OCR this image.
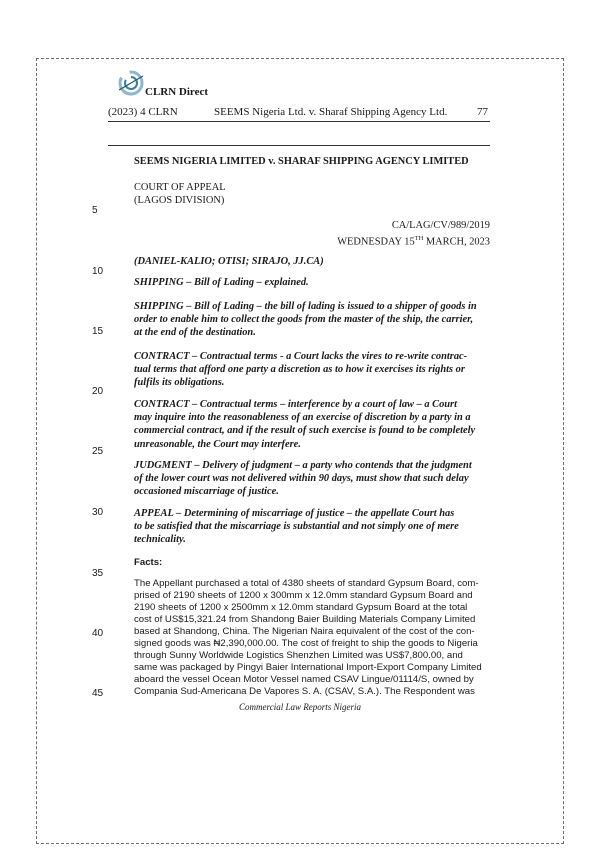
CLRN Direct
(2023) 4 CLRN	SEEMS Nigeria Ltd. v. Sharaf Shipping Agency Ltd.	77
SEEMS NIGERIA LIMITED v. SHARAF SHIPPING AGENCY LIMITED
COURT OF APPEAL
(LAGOS DIVISION)
CA/LAG/CV/989/2019
WEDNESDAY 15TH MARCH, 2023
(DANIEL-KALIO; OTISI; SIRAJO, JJ.CA)
5
10
15
20
25
30
35
40
45
SHIPPING – Bill of Lading – explained.
SHIPPING – Bill of Lading – the bill of lading is issued to a shipper of goods in
order to enable him to collect the goods from the master of the ship, the carrier,
at the end of the destination.
CONTRACT – Contractual terms - a Court lacks the vires to re-write contrac-
tual terms that afford one party a discretion as to how it exercises its rights or
fulfils its obligations.
CONTRACT – Contractual terms – interference by a court of law – a Court
may inquire into the reasonableness of an exercise of discretion by a party in a
commercial contract, and if the result of such exercise is found to be completely
unreasonable, the Court may interfere.
JUDGMENT – Delivery of judgment – a party who contends that the judgment
of the lower court was not delivered within 90 days, must show that such delay
occasioned miscarriage of justice.
APPEAL – Determining of miscarriage of justice – the appellate Court has
to be satisfied that the miscarriage is substantial and not simply one of mere
technicality.
Facts:
The Appellant purchased a total of 4380 sheets of standard Gypsum Board, com-
prised of 2190 sheets of 1200 x 300mm x 12.0mm standard Gypsum Board and
2190 sheets of 1200 x 2500mm x 12.0mm standard Gypsum Board at the total
cost of US$15,321.24 from Shandong Baier Building Materials Company Limited
based at Shandong, China. The Nigerian Naira equivalent of the cost of the con-
signed goods was ₦2,390,000.00. The cost of freight to ship the goods to Nigeria
through Sunny Worldwide Logistics Shenzhen Limited was US$7,800.00, and
same was packaged by Pingyi Baier International Import-Export Company Limited
aboard the vessel Ocean Motor Vessel named CSAV Lingue/01114/S, owned by
Compania Sud-Americana De Vapores S. A. (CSAV, S.A.). The Respondent was
Commercial Law Reports Nigeria
